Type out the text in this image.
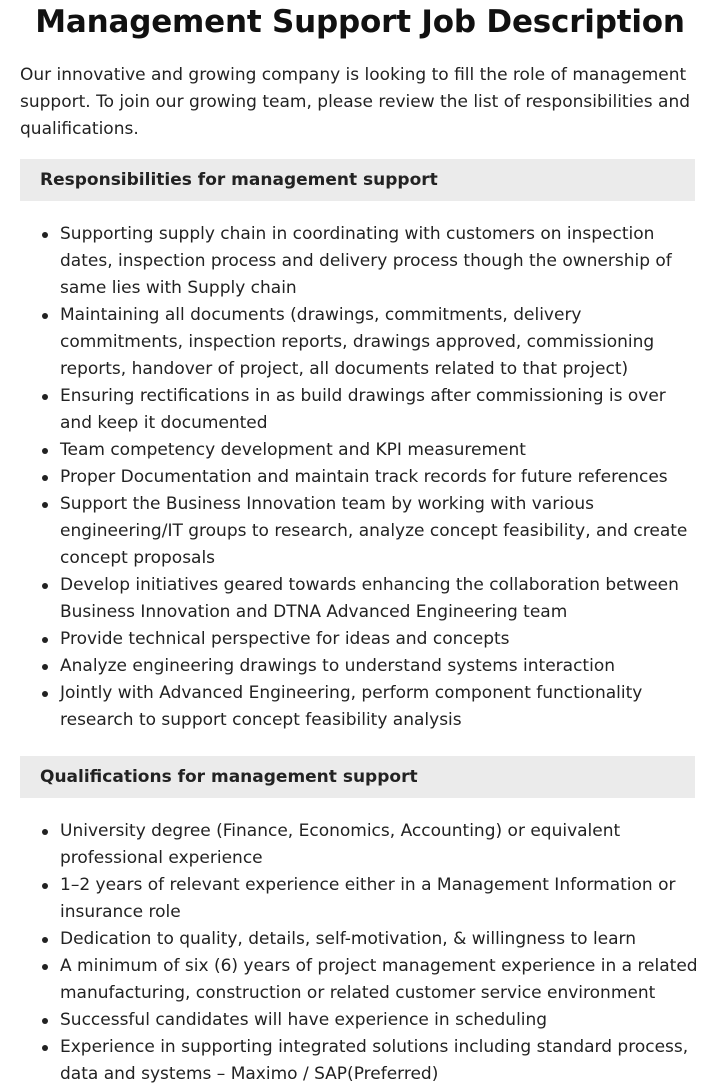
Management Support Job Description

Our innovative and growing company is looking to fill the role of management support. To join our growing team, please review the list of responsibilities and qualifications.

Responsibilities for management support
Supporting supply chain in coordinating with customers on inspection dates, inspection process and delivery process though the ownership of same lies with Supply chain
Maintaining all documents (drawings, commitments, delivery commitments, inspection reports, drawings approved, commissioning reports, handover of project, all documents related to that project)
Ensuring rectifications in as build drawings after commissioning is over and keep it documented
Team competency development and KPI measurement
Proper Documentation and maintain track records for future references
Support the Business Innovation team by working with various engineering/IT groups to research, analyze concept feasibility, and create concept proposals
Develop initiatives geared towards enhancing the collaboration between Business Innovation and DTNA Advanced Engineering team
Provide technical perspective for ideas and concepts
Analyze engineering drawings to understand systems interaction
Jointly with Advanced Engineering, perform component functionality research to support concept feasibility analysis
Qualifications for management support
University degree (Finance, Economics, Accounting) or equivalent professional experience
1–2 years of relevant experience either in a Management Information or insurance role
Dedication to quality, details, self-motivation, & willingness to learn
A minimum of six (6) years of project management experience in a related manufacturing, construction or related customer service environment
Successful candidates will have experience in scheduling
Experience in supporting integrated solutions including standard process, data and systems – Maximo / SAP(Preferred)
